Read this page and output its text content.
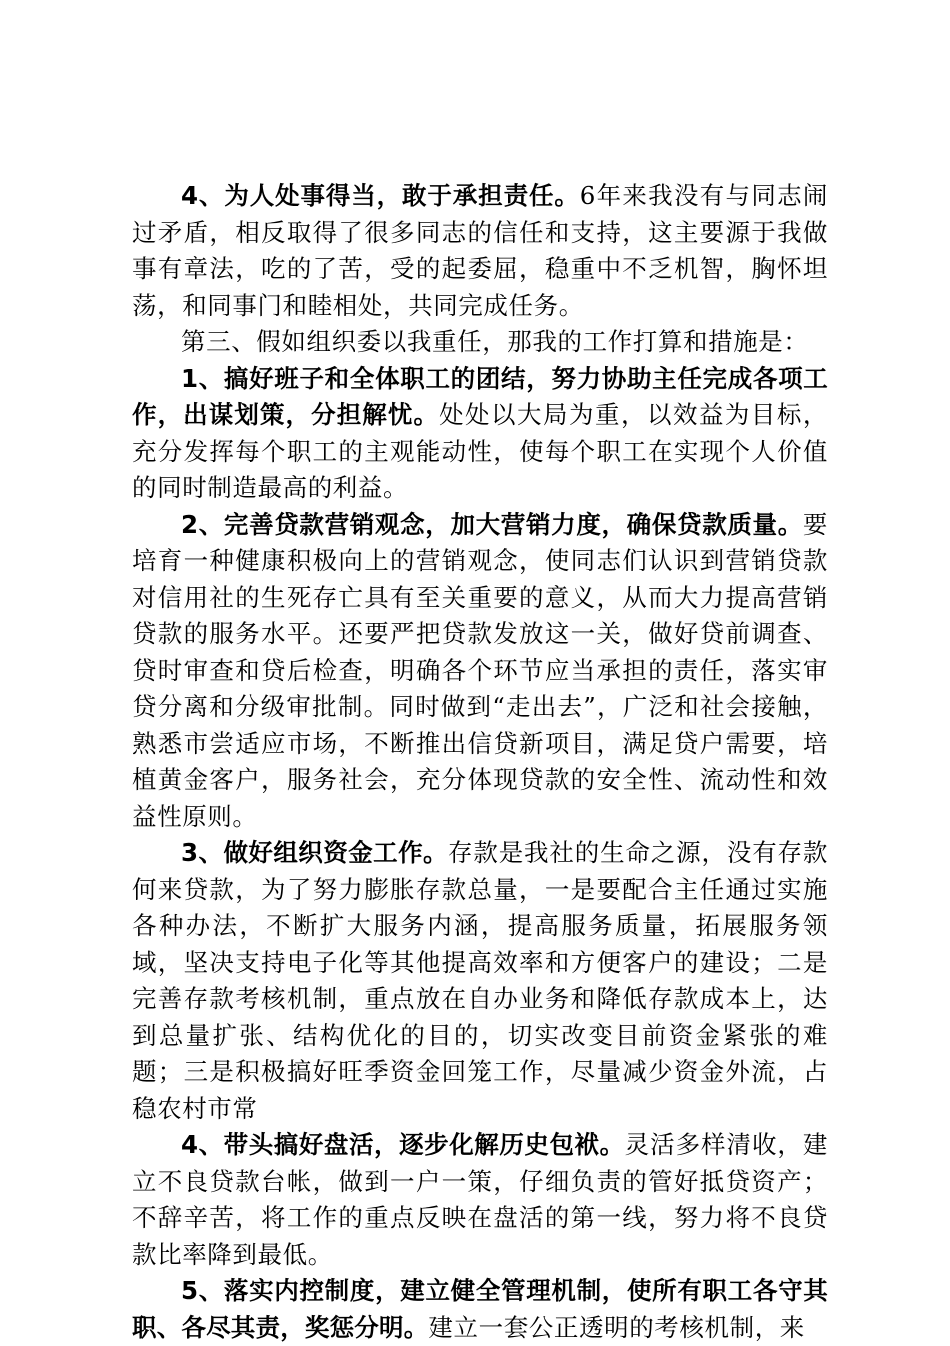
4、为人处事得当，敢于承担责任。6年来我没有与同志闹过矛盾，相反取得了很多同志的信任和支持，这主要源于我做事有章法，吃的了苦，受的起委屈，稳重中不乏机智，胸怀坦荡，和同事门和睦相处，共同完成任务。

第三、假如组织委以我重任，那我的工作打算和措施是：

1、搞好班子和全体职工的团结，努力协助主任完成各项工作，出谋划策，分担解忧。处处以大局为重，以效益为目标，充分发挥每个职工的主观能动性，使每个职工在实现个人价值的同时制造最高的利益。

2、完善贷款营销观念，加大营销力度，确保贷款质量。要培育一种健康积极向上的营销观念，使同志们认识到营销贷款对信用社的生死存亡具有至关重要的意义，从而大力提高营销贷款的服务水平。还要严把贷款发放这一关，做好贷前调查、贷时审查和贷后检查，明确各个环节应当承担的责任，落实审贷分离和分级审批制。同时做到“走出去”，广泛和社会接触，熟悉市尝适应市场，不断推出信贷新项目，满足贷户需要，培植黄金客户，服务社会，充分体现贷款的安全性、流动性和效益性原则。

3、做好组织资金工作。存款是我社的生命之源，没有存款何来贷款，为了努力膨胀存款总量，一是要配合主任通过实施各种办法，不断扩大服务内涵，提高服务质量，拓展服务领域，坚决支持电子化等其他提高效率和方便客户的建设；二是完善存款考核机制，重点放在自办业务和降低存款成本上，达到总量扩张、结构优化的目的，切实改变目前资金紧张的难题；三是积极搞好旺季资金回笼工作，尽量减少资金外流，占稳农村市常

4、带头搞好盘活，逐步化解历史包袱。灵活多样清收，建立不良贷款台帐，做到一户一策，仔细负责的管好抵贷资产；不辞辛苦，将工作的重点反映在盘活的第一线，努力将不良贷款比率降到最低。

5、落实内控制度，建立健全管理机制，使所有职工各守其职、各尽其责，奖惩分明。建立一套公正透明的考核机制，来
